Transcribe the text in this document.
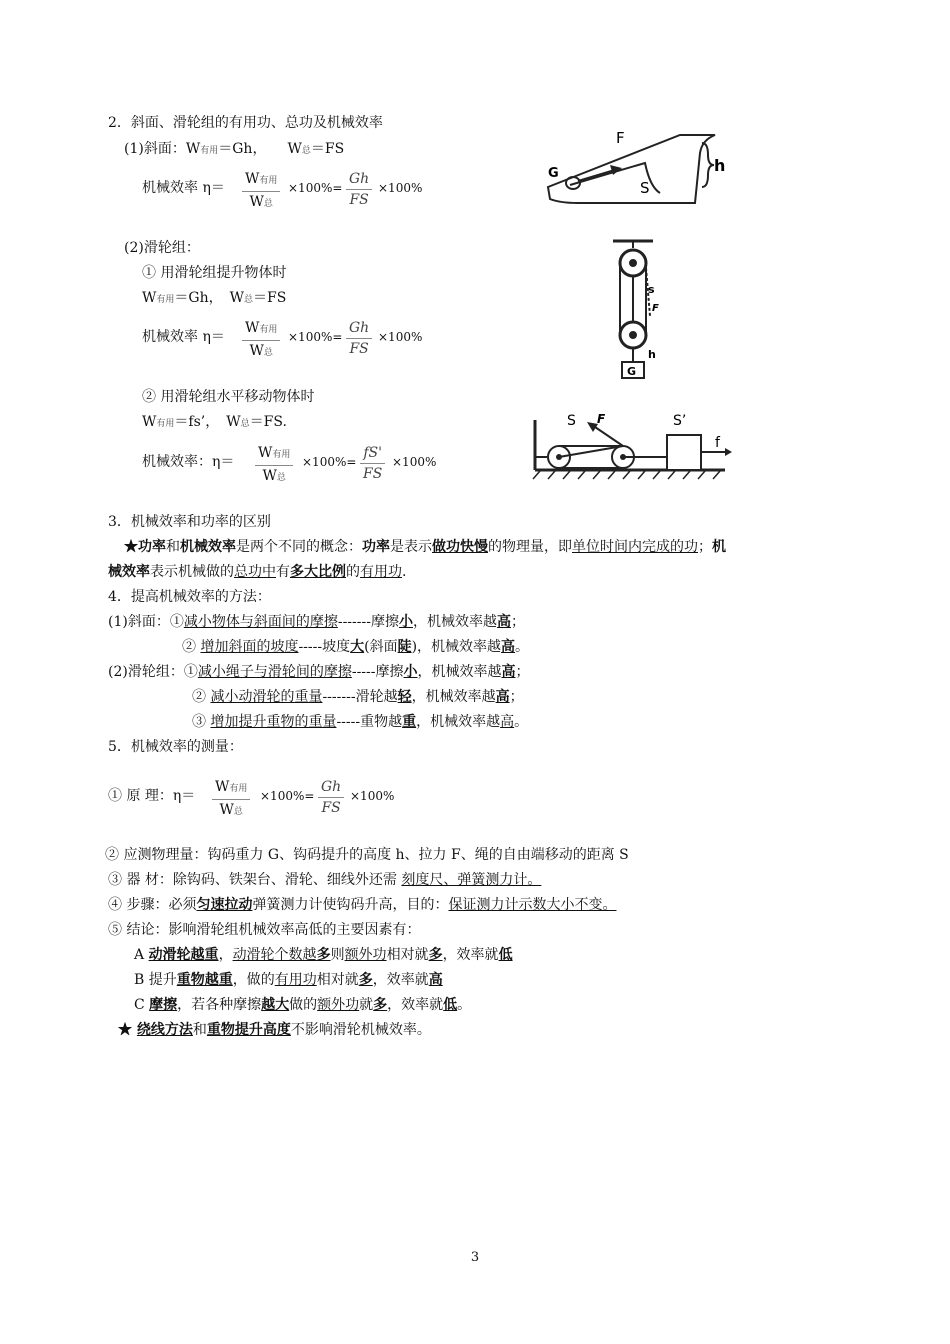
2．斜面、滑轮组的有用功、总功及机械效率
(1)斜面：W有用＝Gh，　　W总＝FS
机械效率 η＝
W有用
W总
×100%=
Gh
FS
×100%
(2)滑轮组：
① 用滑轮组提升物体时
W有用＝Gh，　W总＝FS
机械效率 η＝
W有用
W总
×100%=
Gh
FS
×100%
② 用滑轮组水平移动物体时
W有用＝fs’，　W总＝FS.
机械效率：η＝
W有用
W总
×100%=
fS'
FS
×100%
G
F
S
h
G
s
F
h
S F	S’
f
3．机械效率和功率的区别
★功率和机械效率是两个不同的概念：功率是表示做功快慢的物理量，即单位时间内完成的功；机
械效率表示机械做的总功中有多大比例的有用功.
4．提高机械效率的方法：
(1)斜面：①减小物体与斜面间的摩擦-------摩擦小，机械效率越高；
② 增加斜面的坡度-----坡度大(斜面陡)，机械效率越高。
(2)滑轮组：①减小绳子与滑轮间的摩擦-----摩擦小，机械效率越高；
② 减小动滑轮的重量-------滑轮越轻，机械效率越高；
③ 增加提升重物的重量-----重物越重，机械效率越高。
5．机械效率的测量：
① 原 理：η＝
W有用
W总
×100%=
Gh
FS
×100%
② 应测物理量：钩码重力 G、钩码提升的高度 h、拉力 F、绳的自由端移动的距离 S
③ 器 材：除钩码、铁架台、滑轮、细线外还需 刻度尺、弹簧测力计。
④ 步骤：必须匀速拉动弹簧测力计使钩码升高，目的：保证测力计示数大小不变。
⑤ 结论：影响滑轮组机械效率高低的主要因素有：
A 动滑轮越重，动滑轮个数越多则额外功相对就多，效率就低
B 提升重物越重，做的有用功相对就多，效率就高
C 摩擦，若各种摩擦越大做的额外功就多，效率就低。
★ 绕线方法和重物提升高度不影响滑轮机械效率。
3
